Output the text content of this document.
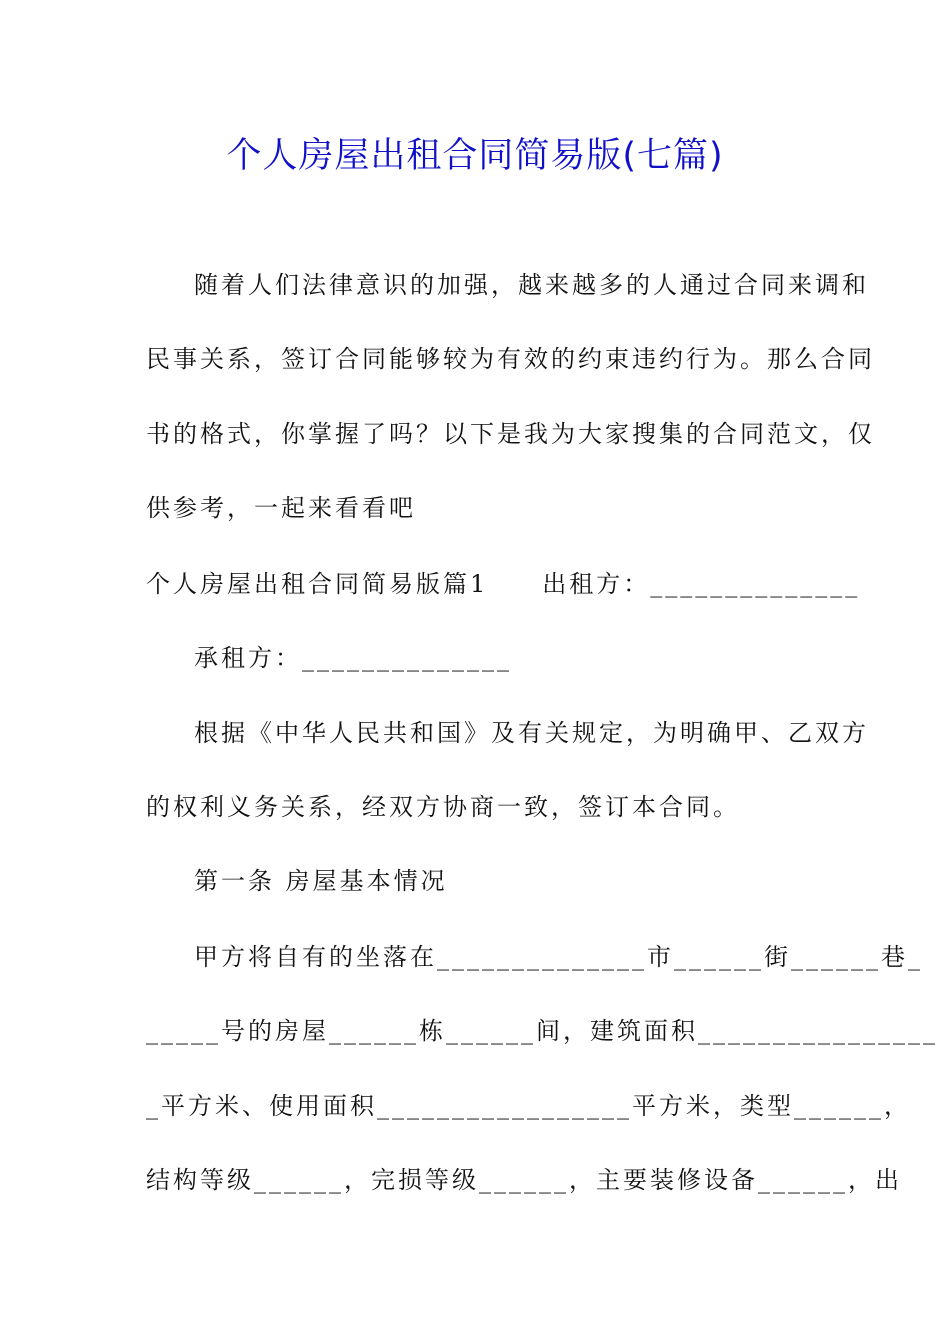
个人房屋出租合同简易版(七篇)
随着人们法律意识的加强，越来越多的人通过合同来调和
民事关系，签订合同能够较为有效的约束违约行为。那么合同
书的格式，你掌握了吗？以下是我为大家搜集的合同范文，仅
供参考，一起来看看吧
个人房屋出租合同简易版篇1　　出租方：______________
承租方：______________
根据《中华人民共和国》及有关规定，为明确甲、乙双方
的权利义务关系，经双方协商一致，签订本合同。
第一条 房屋基本情况
甲方将自有的坐落在______________市______街______巷_
_____号的房屋______栋______间，建筑面积________________
_平方米、使用面积_________________平方米，类型______，
结构等级______，完损等级______，主要装修设备______，出
